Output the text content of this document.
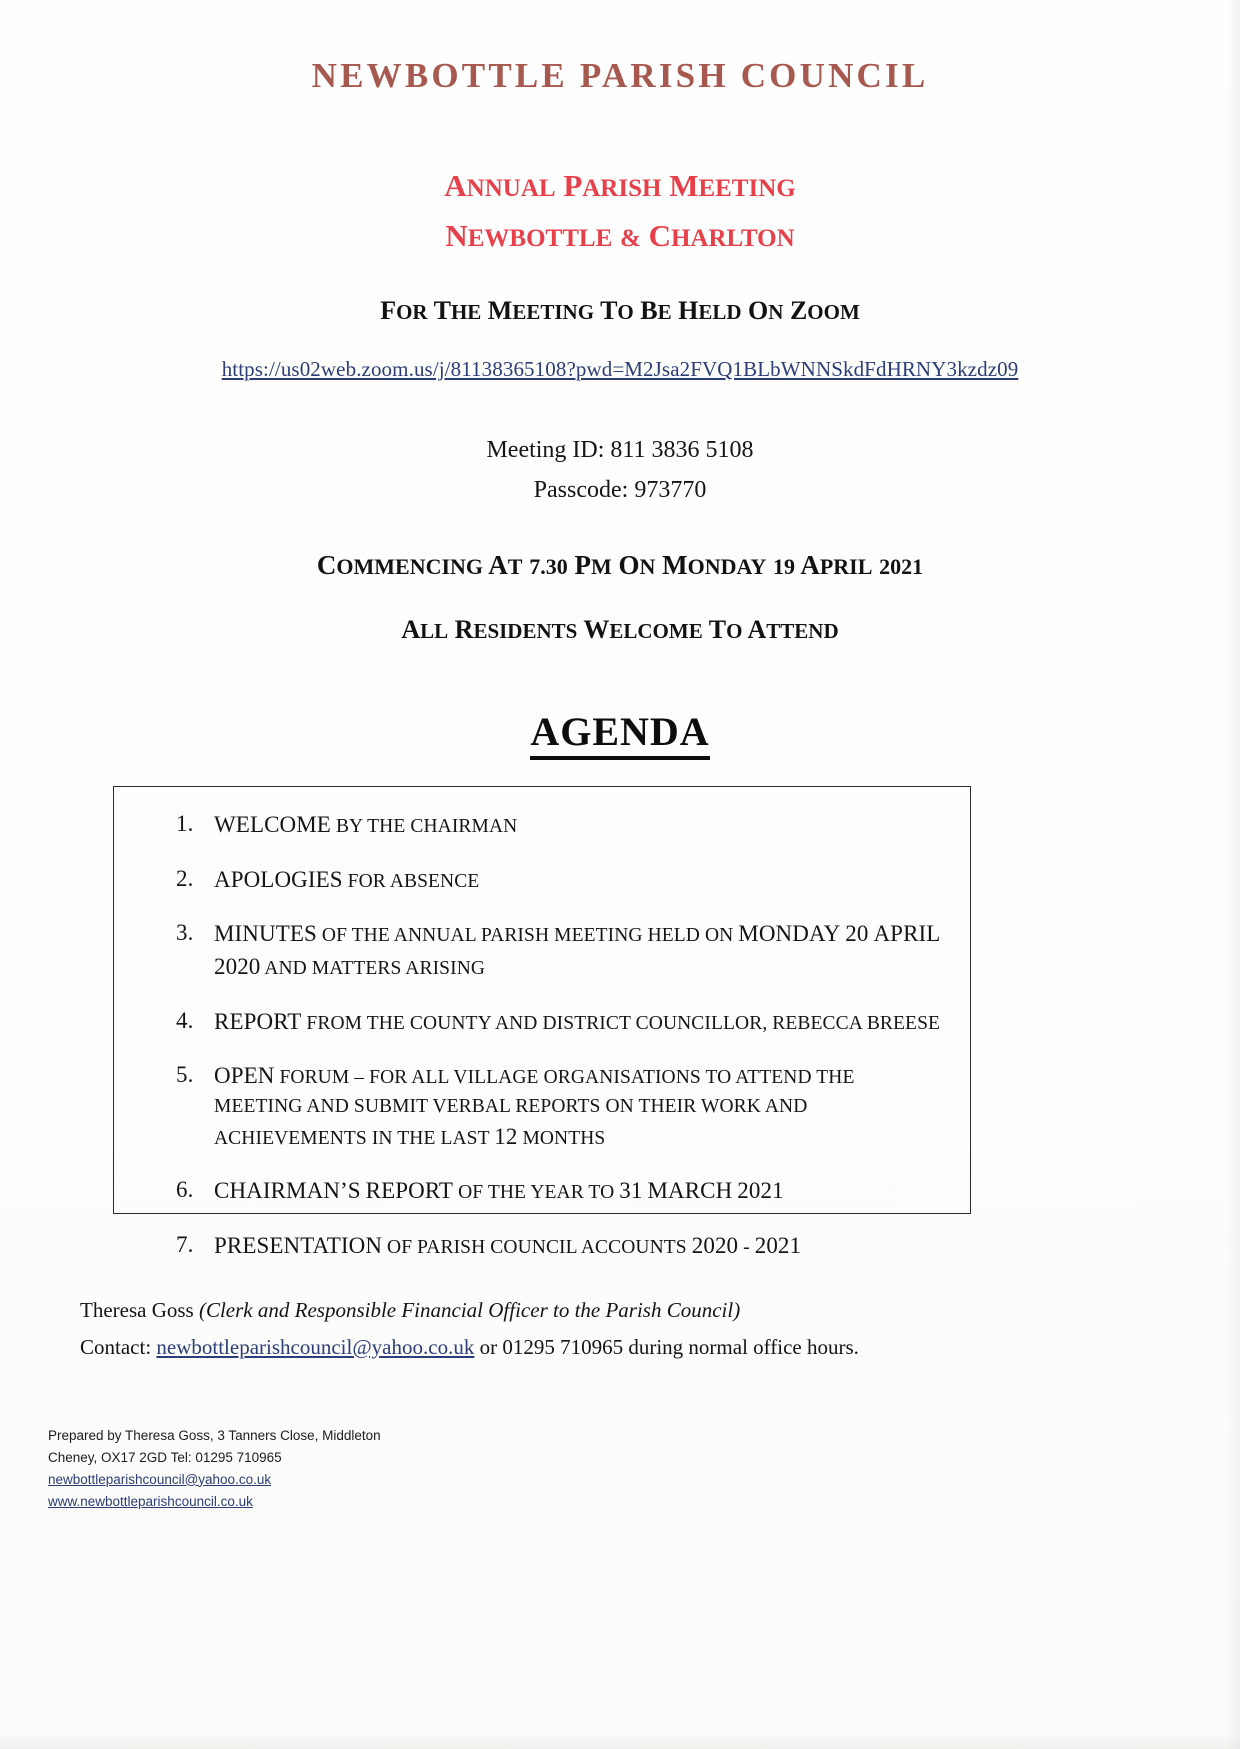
NEWBOTTLE PARISH COUNCIL
ANNUAL PARISH MEETING
NEWBOTTLE & CHARLTON
FOR THE MEETING TO BE HELD ON ZOOM
https://us02web.zoom.us/j/81138365108?pwd=M2Jsa2FVQ1BLbWNNSkdFdHRNY3kzdz09
Meeting ID: 811 3836 5108
Passcode: 973770
COMMENCING AT 7.30 PM ON MONDAY 19 APRIL 2021
ALL RESIDENTS WELCOME TO ATTEND
AGENDA
WELCOME BY THE CHAIRMAN
APOLOGIES FOR ABSENCE
MINUTES OF THE ANNUAL PARISH MEETING HELD ON MONDAY 20 APRIL 2020 AND MATTERS ARISING
REPORT FROM THE COUNTY AND DISTRICT COUNCILLOR, REBECCA BREESE
OPEN FORUM – FOR ALL VILLAGE ORGANISATIONS TO ATTEND THE MEETING AND SUBMIT VERBAL REPORTS ON THEIR WORK AND ACHIEVEMENTS IN THE LAST 12 MONTHS
CHAIRMAN’S REPORT OF THE YEAR TO 31 MARCH 2021
PRESENTATION OF PARISH COUNCIL ACCOUNTS 2020 - 2021
Theresa Goss (Clerk and Responsible Financial Officer to the Parish Council)
Contact: newbottleparishcouncil@yahoo.co.uk or 01295 710965 during normal office hours.
Prepared by Theresa Goss, 3 Tanners Close, Middleton
Cheney, OX17 2GD Tel: 01295 710965
newbottleparishcouncil@yahoo.co.uk
www.newbottleparishcouncil.co.uk
